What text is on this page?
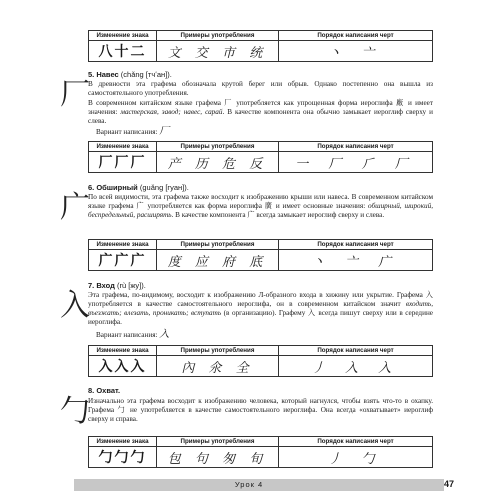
Изменение знака	Примеры употребления	Порядок написания черт
⼋⼗⼆	文 交 市 统	丶 亠
5. Навес (chǎng [тчʻан]).
厂

В древности эта графема обозначала крутой берег или обрыв. Однако постепенно она вышла из самостоятельного употребления.

В современном китайском языке графема 厂 употребляется как упрощенная форма иероглифа 廠 и имеет значения: мастерская, завод; навес, сарай. В качестве компонента она обычно замыкает иероглиф сверху и слева.

Вариант написания: 厂
Изменение знака	Примеры употребления	Порядок написания черт
厂厂厂	产 历 危 反	一 厂 ⺁ 厂
6. Обширный (guǎng [гуан]).
广

По всей видимости, эта графема также восходит к изображению крыши или навеса. В современном китайском языке графема 广 употребляется как форма иероглифа 廣 и имеет основные значения: обширный, широкий, беспредельный, расширять. В качестве компонента 广 всегда замыкает иероглиф сверху и слева.

Изменение знака	Примеры употребления	Порядок написания черт
广广广	度 应 府 底	丶 亠 广
7. Вход (rù [жу]).
入

Эта графема, по-видимому, восходит к изображению Л-образного входа в хижину или укрытие. Графема 入 употребляется в качестве самостоятельного иероглифа, он в современном китайском значит входить, въезжать; влезать, проникать; вступать (в организацию). Графему 入 всегда пишут сверху или в середине иероглифа.

Вариант написания: 入
Изменение знака	Примеры употребления	Порядок написания черт
入入入	內 氽 全	丿 入 入
8. Охват.
勹

Изначально эта графема восходит к изображению человека, который нагнулся, чтобы взять что-то в охапку. Графема 勹 не употребляется в качестве самостоятельного иероглифа. Она всегда «охватывает» иероглиф сверху и справа.

Изменение знака	Примеры употребления	Порядок написания черт
勹勹勹	包 句 匆 旬	丿 勹
Урок 4	47
